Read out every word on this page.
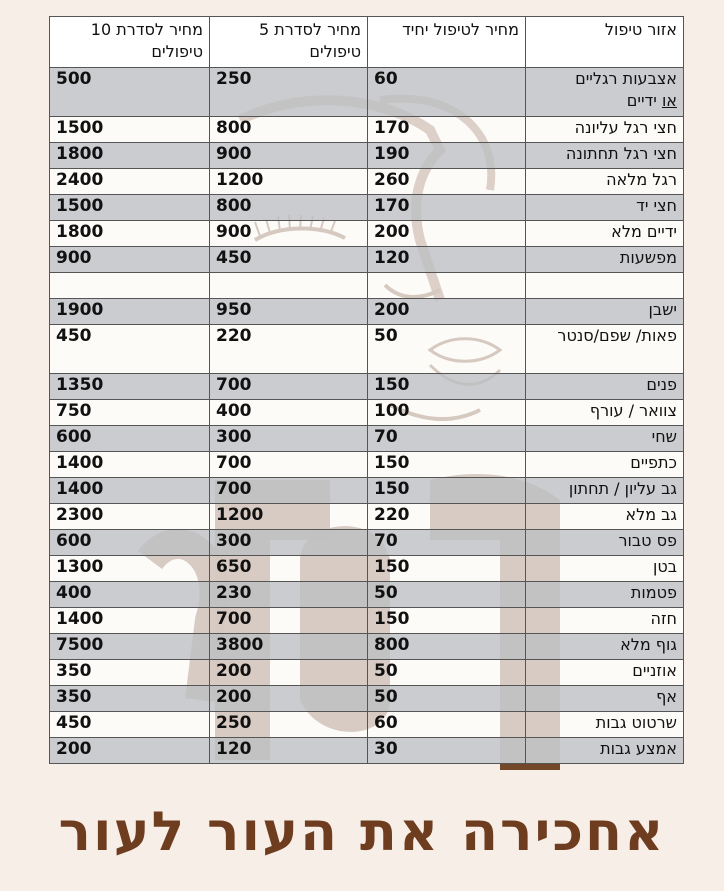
אזור טיפול	מחיר לטיפול יחיד	מחיר לסדרת 5 טיפולים	מחיר לסדרת 10 טיפולים
אצבעות רגליים
או ידיים	60	250	500
חצי רגל עליונה	170	800	1500
חצי רגל תחתונה	190	900	1800
רגל מלאה	260	1200	2400
חצי יד	170	800	1500
ידיים מלא	200	900	1800
מפשעות	120	450	900

ישבן	200	950	1900
פאות/ שפם/סנטר	50	220	450
פנים	150	700	1350
צוואר / עורף	100	400	750
שחי	70	300	600
כתפיים	150	700	1400
גב עליון / תחתון	150	700	1400
גב מלא	220	1200	2300
פס טבור	70	300	600
בטן	150	650	1300
פטמות	50	230	400
חזה	150	700	1400
גוף מלא	800	3800	7500
אוזניים	50	200	350
אף	50	200	350
שרטוט גבות	60	250	450
אמצע גבות	30	120	200
אחכירה את העור לעור
